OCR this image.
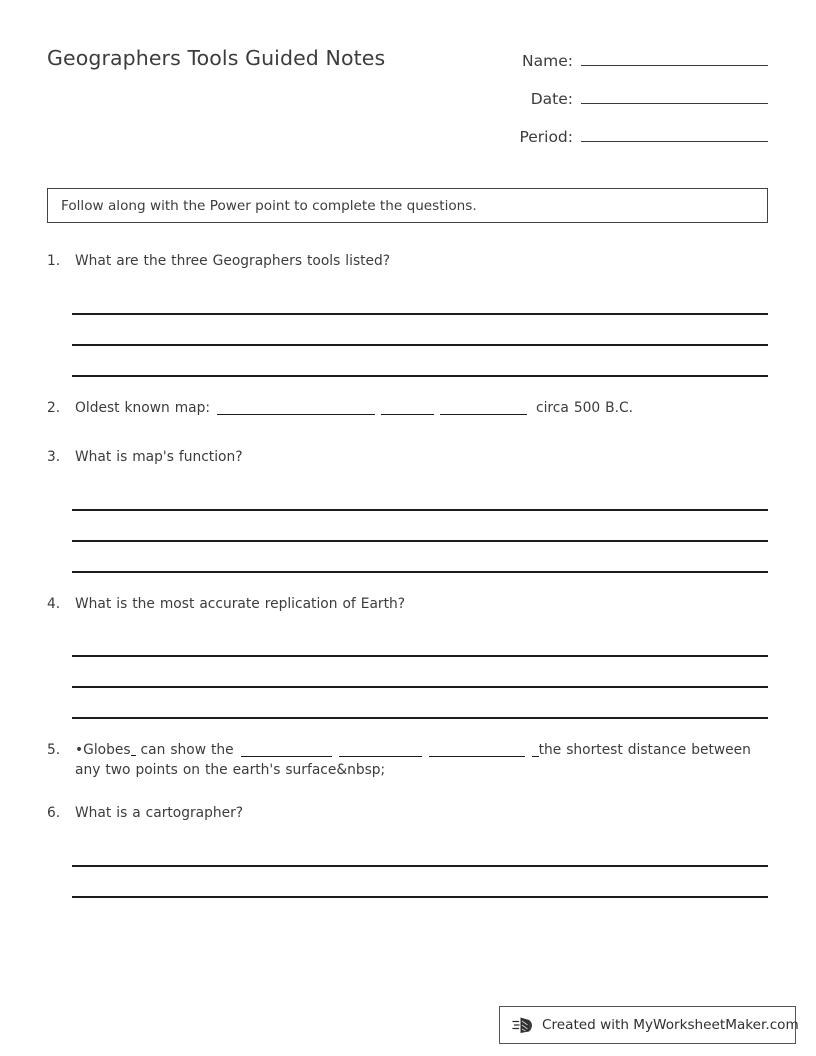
Geographers Tools Guided Notes	Name:
Date:
Period:
Follow along with the Power point to complete the questions.
1.	What are the three Geographers tools listed?
2.	Oldest known map:	circa 500 B.C.
3.	What is map's function?
4.	What is the most accurate replication of Earth?
5.	•Globes can show the	the shortest distance between any two points on the earth's surface&nbsp;
6.	What is a cartographer?
Created with MyWorksheetMaker.com
